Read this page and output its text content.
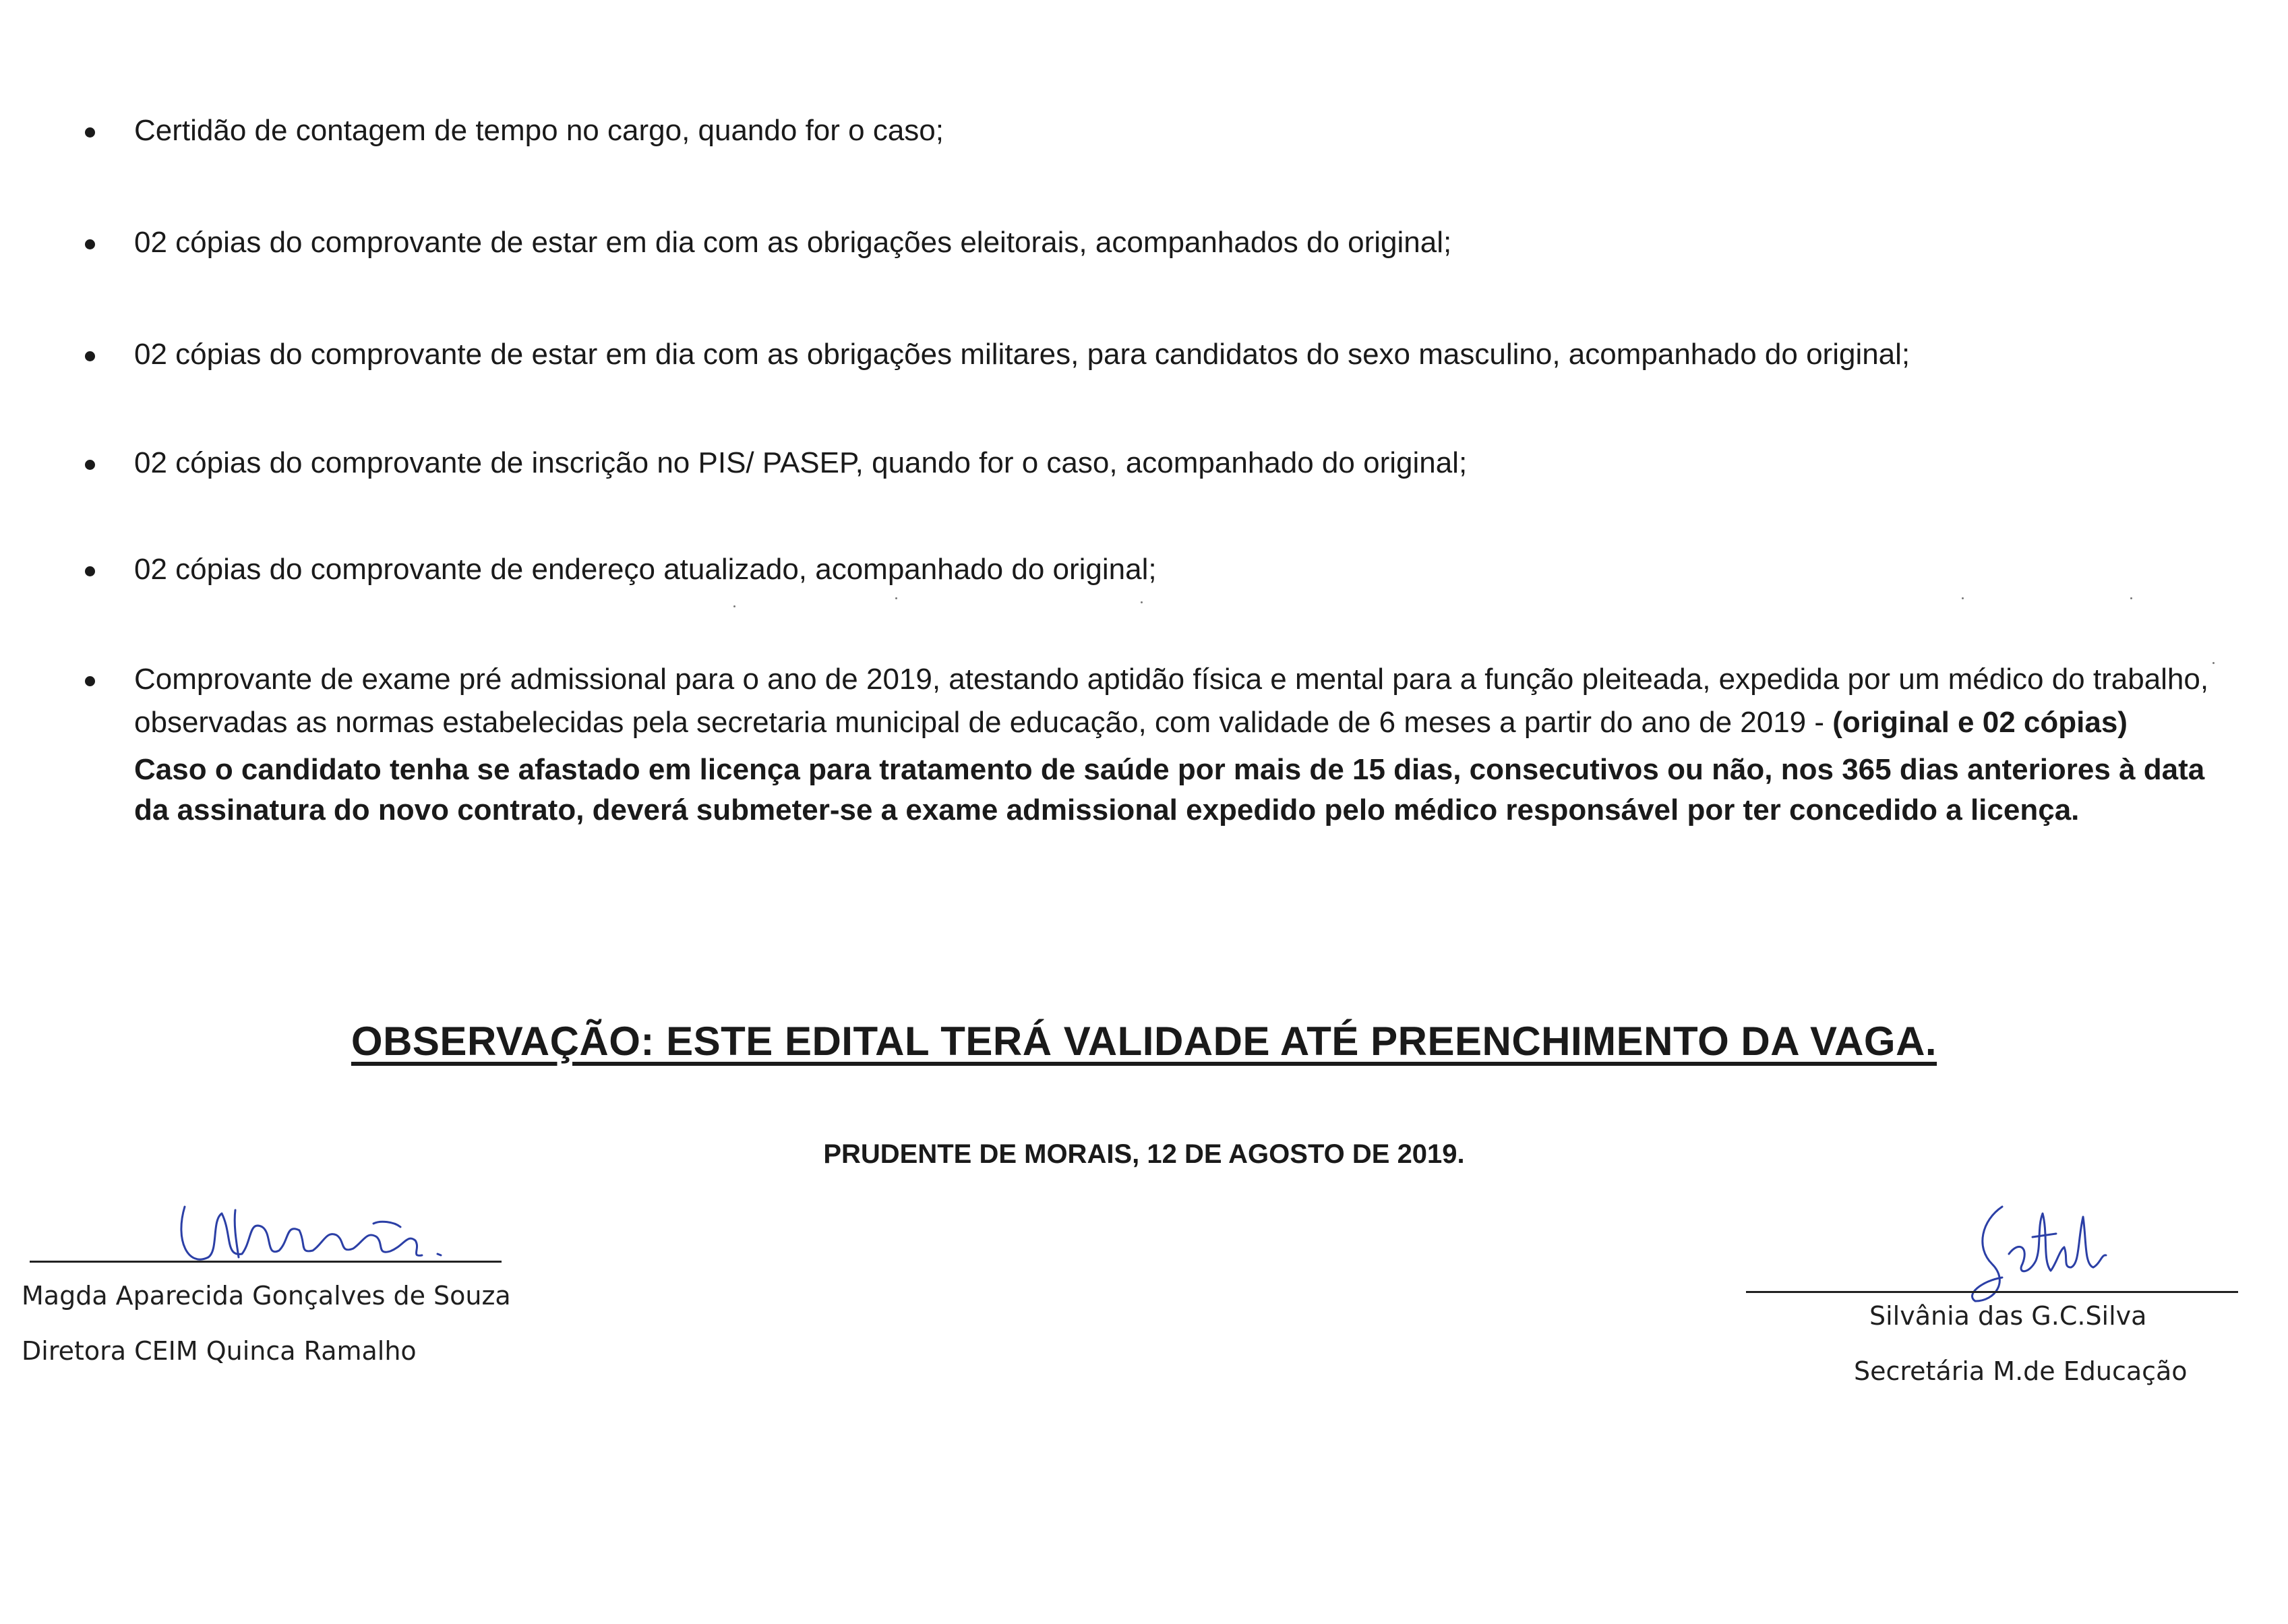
Certidão de contagem de tempo no cargo, quando for o caso;
02 cópias do comprovante de estar em dia com as obrigações eleitorais, acompanhados do original;
02 cópias do comprovante de estar em dia com as obrigações militares, para candidatos do sexo masculino, acompanhado do original;
02 cópias do comprovante de inscrição no PIS/ PASEP, quando for o caso, acompanhado do original;
02 cópias do comprovante de endereço atualizado, acompanhado do original;
Comprovante de exame pré admissional para o ano de 2019, atestando aptidão física e mental para a função pleiteada, expedida por um médico do trabalho,
observadas as normas estabelecidas pela secretaria municipal de educação, com validade de 6 meses a partir do ano de 2019 - (original e 02 cópias)
Caso o candidato tenha se afastado em licença para tratamento de saúde por mais de 15 dias, consecutivos ou não, nos 365 dias anteriores à data da assinatura do novo contrato, deverá submeter-se a exame admissional expedido pelo médico responsável por ter concedido a licença.
OBSERVAÇÃO: ESTE EDITAL TERÁ VALIDADE ATÉ PREENCHIMENTO DA VAGA.
PRUDENTE DE MORAIS, 12 DE AGOSTO DE 2019.
Magda Aparecida Gonçalves de Souza
Diretora CEIM Quinca Ramalho
Silvânia das G.C.Silva
Secretária M.de Educação
